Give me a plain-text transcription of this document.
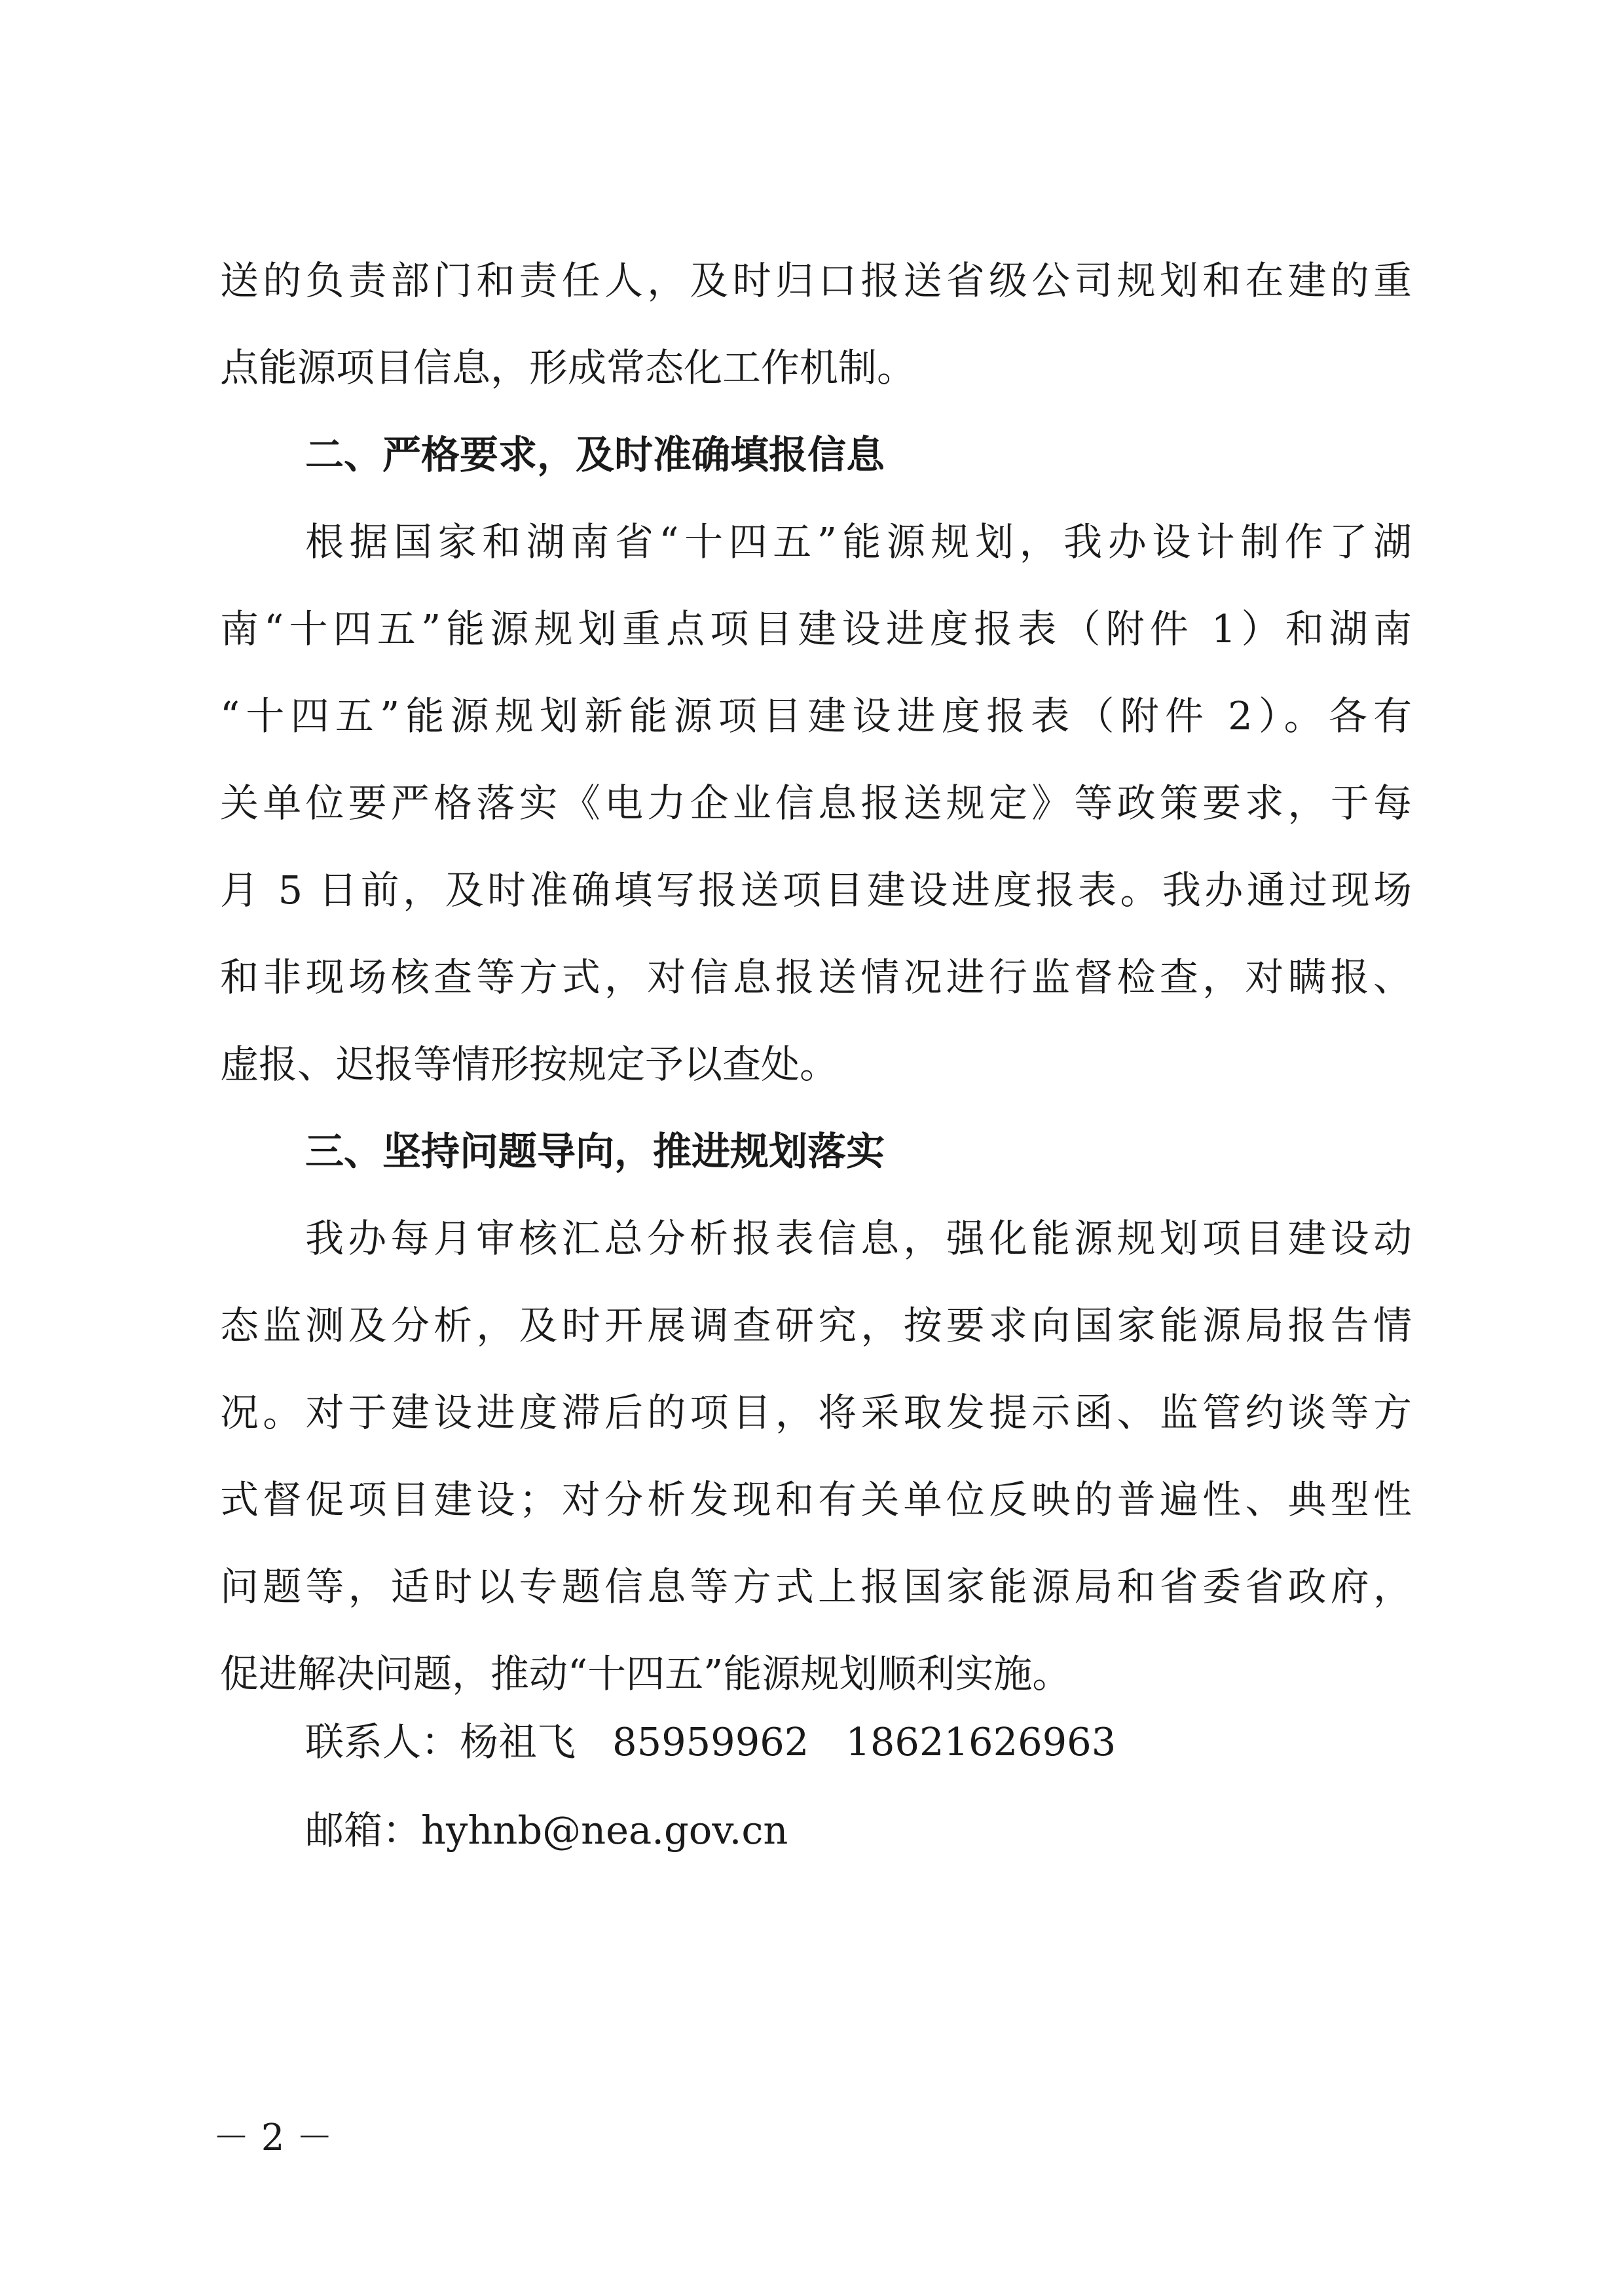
送的负责部门和责任人，及时归口报送省级公司规划和在建的重
点能源项目信息，形成常态化工作机制。
二、严格要求，及时准确填报信息
根据国家和湖南省“十四五”能源规划，我办设计制作了湖
南“十四五”能源规划重点项目建设进度报表（附件 1）和湖南
“十四五”能源规划新能源项目建设进度报表（附件 2）。各有
关单位要严格落实《电力企业信息报送规定》等政策要求，于每
月 5 日前，及时准确填写报送项目建设进度报表。我办通过现场
和非现场核查等方式，对信息报送情况进行监督检查，对瞒报、
虚报、迟报等情形按规定予以查处。
三、坚持问题导向，推进规划落实
我办每月审核汇总分析报表信息，强化能源规划项目建设动
态监测及分析，及时开展调查研究，按要求向国家能源局报告情
况。对于建设进度滞后的项目，将采取发提示函、监管约谈等方
式督促项目建设；对分析发现和有关单位反映的普遍性、典型性
问题等，适时以专题信息等方式上报国家能源局和省委省政府，
促进解决问题，推动“十四五”能源规划顺利实施。
联系人：杨祖飞 85959962 18621626963
邮箱：hyhnb@nea.gov.cn
－ 2 －
